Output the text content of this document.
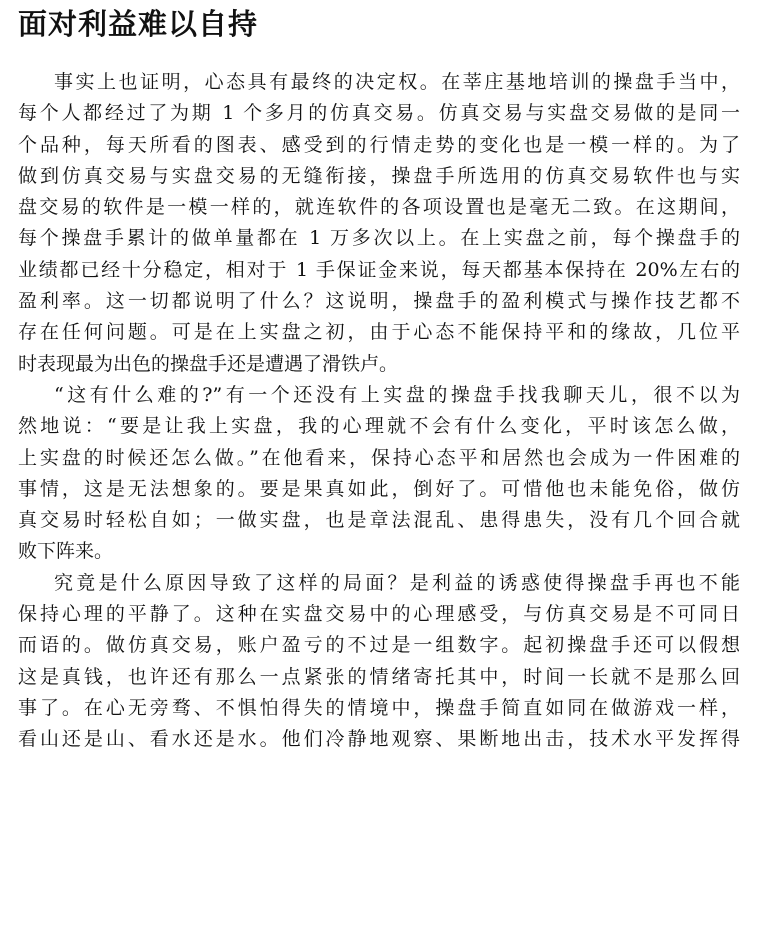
面对利益难以自持
事实上也证明，心态具有最终的决定权。在莘庄基地培训的操盘手当中，
每个人都经过了为期 1 个多月的仿真交易。仿真交易与实盘交易做的是同一
个品种，每天所看的图表、感受到的行情走势的变化也是一模一样的。为了
做到仿真交易与实盘交易的无缝衔接，操盘手所选用的仿真交易软件也与实
盘交易的软件是一模一样的，就连软件的各项设置也是毫无二致。在这期间，
每个操盘手累计的做单量都在 1 万多次以上。在上实盘之前，每个操盘手的
业绩都已经十分稳定，相对于 1 手保证金来说，每天都基本保持在 20%左右的
盈利率。这一切都说明了什么？这说明，操盘手的盈利模式与操作技艺都不
存在任何问题。可是在上实盘之初，由于心态不能保持平和的缘故，几位平
时表现最为出色的操盘手还是遭遇了滑铁卢。
“这有什么难的?”有一个还没有上实盘的操盘手找我聊天儿，很不以为
然地说：“要是让我上实盘，我的心理就不会有什么变化，平时该怎么做，
上实盘的时候还怎么做。”在他看来，保持心态平和居然也会成为一件困难的
事情，这是无法想象的。要是果真如此，倒好了。可惜他也未能免俗，做仿
真交易时轻松自如；一做实盘，也是章法混乱、患得患失，没有几个回合就
败下阵来。
究竟是什么原因导致了这样的局面？是利益的诱惑使得操盘手再也不能
保持心理的平静了。这种在实盘交易中的心理感受，与仿真交易是不可同日
而语的。做仿真交易，账户盈亏的不过是一组数字。起初操盘手还可以假想
这是真钱，也许还有那么一点紧张的情绪寄托其中，时间一长就不是那么回
事了。在心无旁骛、不惧怕得失的情境中，操盘手简直如同在做游戏一样，
看山还是山、看水还是水。他们冷静地观察、果断地出击，技术水平发挥得
